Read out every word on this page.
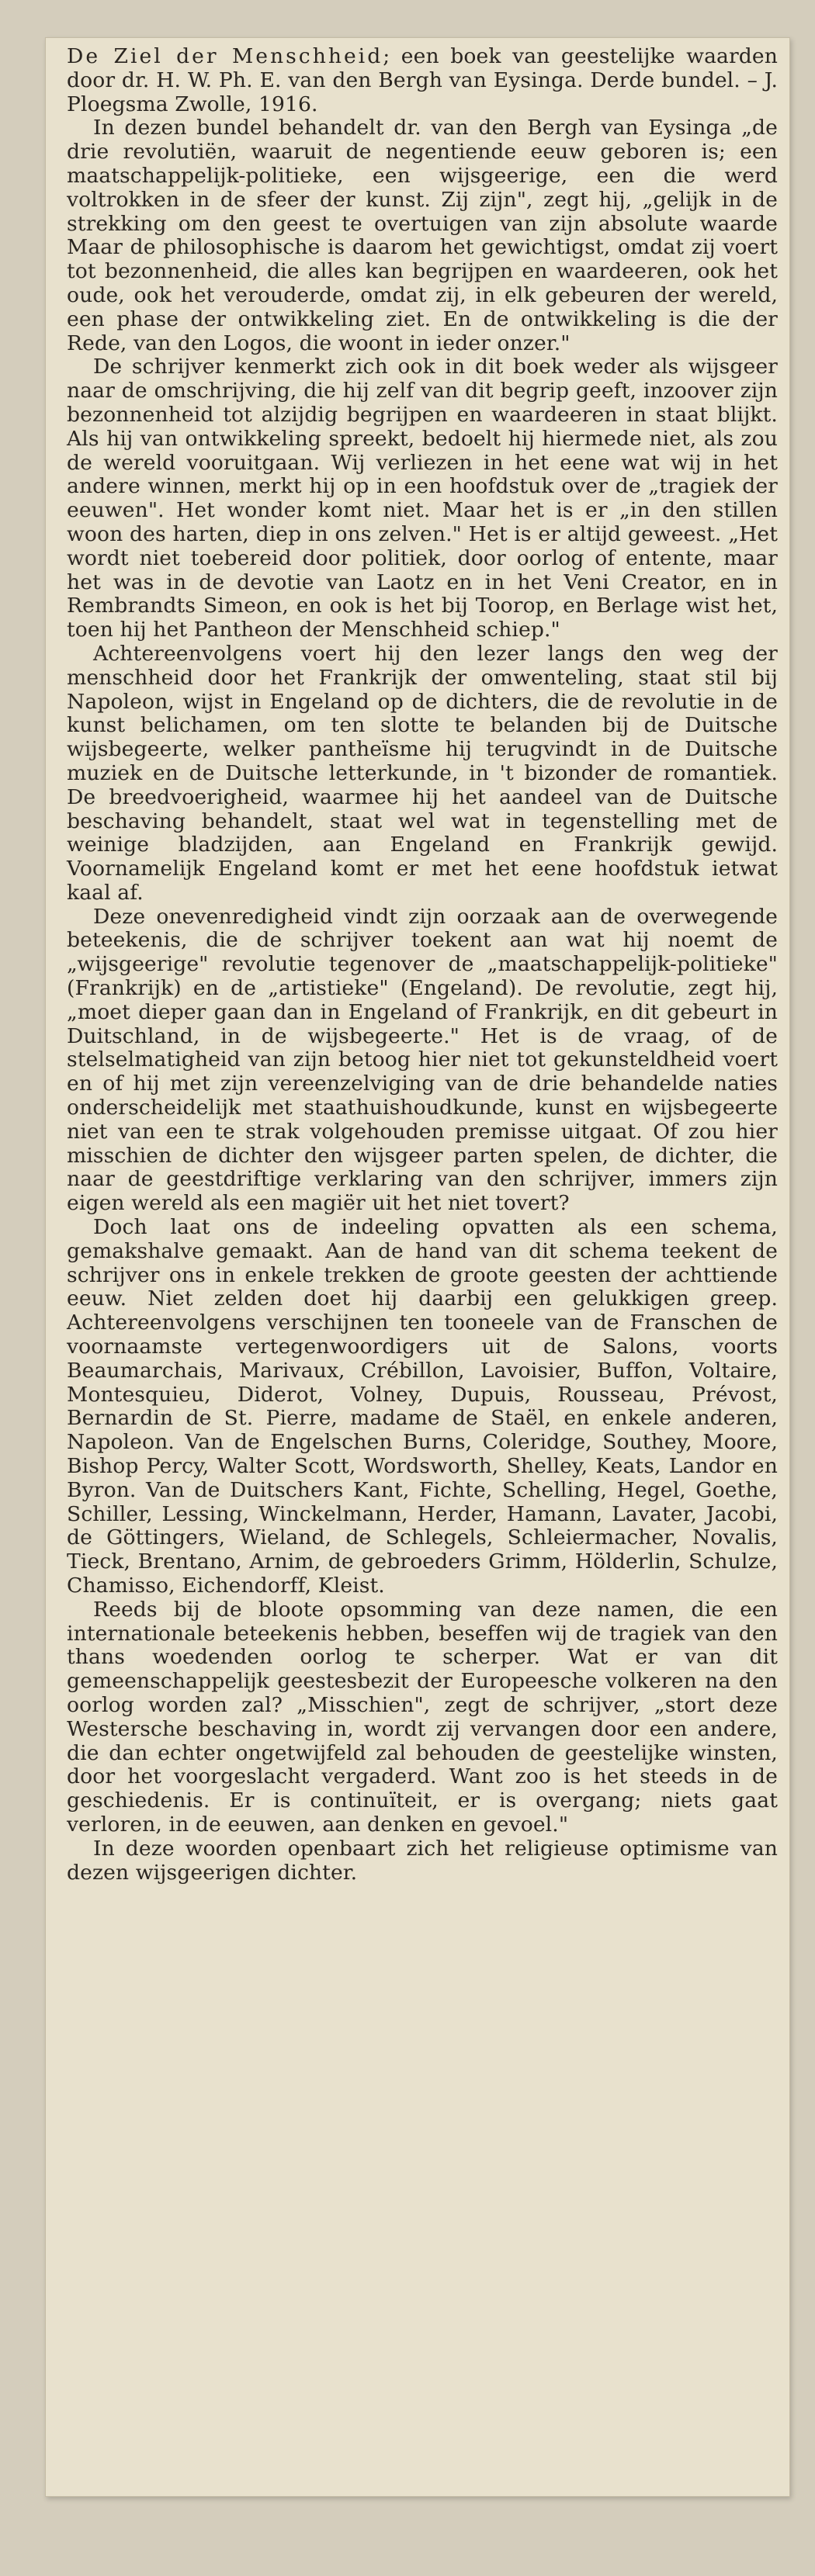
De Ziel der Menschheid; een boek van geestelijke waarden door dr. H. W. Ph. E. van den Bergh van Eysinga. Derde bundel. – J. Ploegsma Zwolle, 1916.

In dezen bundel behandelt dr. van den Bergh van Eysinga „de drie revolutiën, waaruit de negentiende eeuw geboren is; een maatschappelijk-politieke, een wijsgeerige, een die werd voltrokken in de sfeer der kunst. Zij zijn", zegt hij, „gelijk in de strekking om den geest te overtuigen van zijn absolute waarde Maar de philosophische is daarom het gewichtigst, omdat zij voert tot bezonnenheid, die alles kan begrijpen en waardeeren, ook het oude, ook het verouderde, omdat zij, in elk gebeuren der wereld, een phase der ontwikkeling ziet. En de ontwikkeling is die der Rede, van den Logos, die woont in ieder onzer."

De schrijver kenmerkt zich ook in dit boek weder als wijsgeer naar de omschrijving, die hij zelf van dit begrip geeft, inzoover zijn bezonnenheid tot alzijdig begrijpen en waardeeren in staat blijkt. Als hij van ontwikkeling spreekt, bedoelt hij hiermede niet, als zou de wereld vooruitgaan. Wij verliezen in het eene wat wij in het andere winnen, merkt hij op in een hoofdstuk over de „tragiek der eeuwen". Het wonder komt niet. Maar het is er „in den stillen woon des harten, diep in ons zelven." Het is er altijd geweest. „Het wordt niet toebereid door politiek, door oorlog of entente, maar het was in de devotie van Laotz en in het Veni Creator, en in Rembrandts Simeon, en ook is het bij Toorop, en Berlage wist het, toen hij het Pantheon der Menschheid schiep."

Achtereenvolgens voert hij den lezer langs den weg der menschheid door het Frankrijk der omwenteling, staat stil bij Napoleon, wijst in Engeland op de dichters, die de revolutie in de kunst belichamen, om ten slotte te belanden bij de Duitsche wijsbegeerte, welker pantheïsme hij terugvindt in de Duitsche muziek en de Duitsche letterkunde, in 't bizonder de romantiek. De breedvoerigheid, waarmee hij het aandeel van de Duitsche beschaving behandelt, staat wel wat in tegenstelling met de weinige bladzijden, aan Engeland en Frankrijk gewijd. Voornamelijk Engeland komt er met het eene hoofdstuk ietwat kaal af.

Deze onevenredigheid vindt zijn oorzaak aan de overwegende beteekenis, die de schrijver toekent aan wat hij noemt de „wijsgeerige" revolutie tegenover de „maatschappelijk-politieke" (Frankrijk) en de „artistieke" (Engeland). De revolutie, zegt hij, „moet dieper gaan dan in Engeland of Frankrijk, en dit gebeurt in Duitschland, in de wijsbegeerte." Het is de vraag, of de stelselmatigheid van zijn betoog hier niet tot gekunsteldheid voert en of hij met zijn vereenzelviging van de drie behandelde naties onderscheidelijk met staathuishoudkunde, kunst en wijsbegeerte niet van een te strak volgehouden premisse uitgaat. Of zou hier misschien de dichter den wijsgeer parten spelen, de dichter, die naar de geestdriftige verklaring van den schrijver, immers zijn eigen wereld als een magiër uit het niet tovert?

Doch laat ons de indeeling opvatten als een schema, gemakshalve gemaakt. Aan de hand van dit schema teekent de schrijver ons in enkele trekken de groote geesten der achttiende eeuw. Niet zelden doet hij daarbij een gelukkigen greep. Achtereenvolgens verschijnen ten tooneele van de Franschen de voornaamste vertegenwoordigers uit de Salons, voorts Beaumarchais, Marivaux, Crébillon, Lavoisier, Buffon, Voltaire, Montesquieu, Diderot, Volney, Dupuis, Rousseau, Prévost, Bernardin de St. Pierre, madame de Staël, en enkele anderen, Napoleon. Van de Engelschen Burns, Coleridge, Southey, Moore, Bishop Percy, Walter Scott, Wordsworth, Shelley, Keats, Landor en Byron. Van de Duitschers Kant, Fichte, Schelling, Hegel, Goethe, Schiller, Lessing, Winckelmann, Herder, Hamann, Lavater, Jacobi, de Göttingers, Wieland, de Schlegels, Schleiermacher, Novalis, Tieck, Brentano, Arnim, de gebroeders Grimm, Hölderlin, Schulze, Chamisso, Eichendorff, Kleist.

Reeds bij de bloote opsomming van deze namen, die een internationale beteekenis hebben, beseffen wij de tragiek van den thans woedenden oorlog te scherper. Wat er van dit gemeenschappelijk geestesbezit der Europeesche volkeren na den oorlog worden zal? „Misschien", zegt de schrijver, „stort deze Westersche beschaving in, wordt zij vervangen door een andere, die dan echter ongetwijfeld zal behouden de geestelijke winsten, door het voorgeslacht vergaderd. Want zoo is het steeds in de geschiedenis. Er is continuïteit, er is overgang; niets gaat verloren, in de eeuwen, aan denken en gevoel."

In deze woorden openbaart zich het religieuse optimisme van dezen wijsgeerigen dichter.
